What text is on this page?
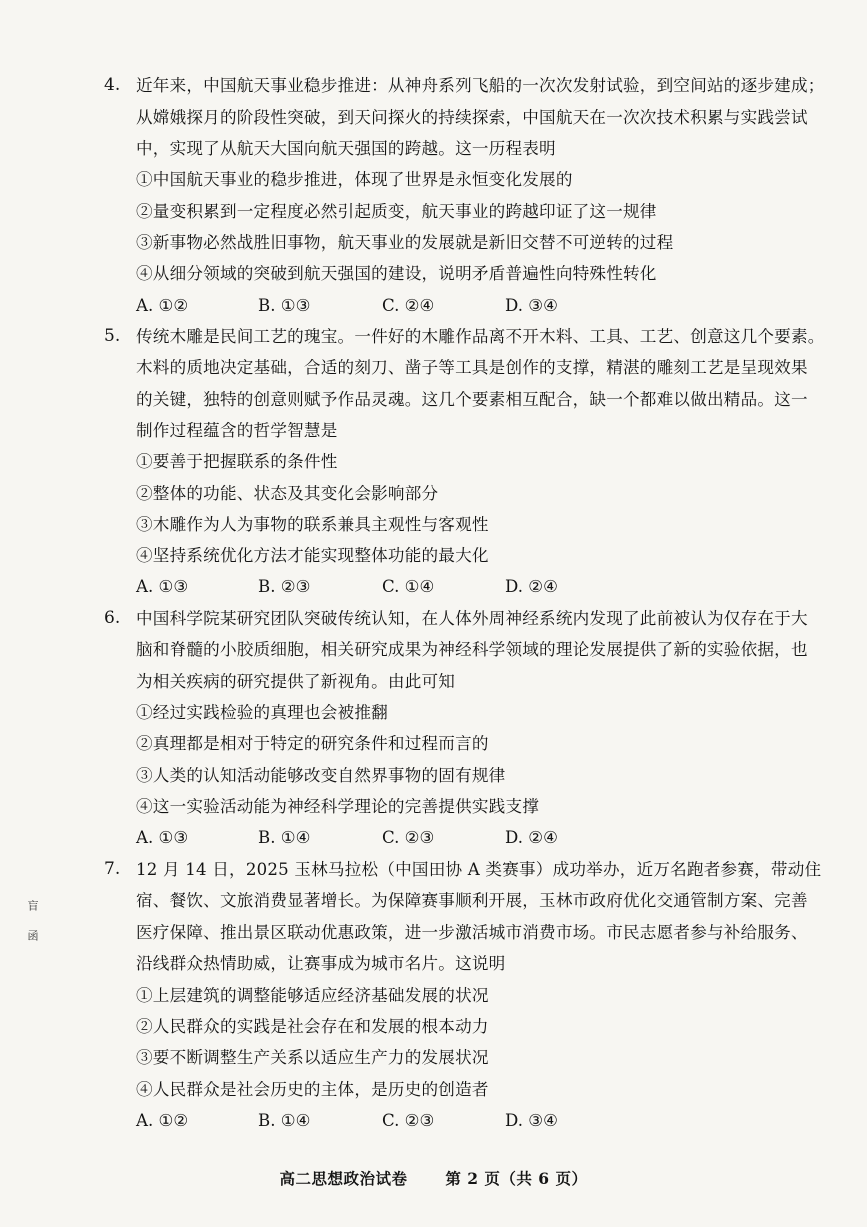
4. 近年来，中国航天事业稳步推进：从神舟系列飞船的一次次发射试验，到空间站的逐步建成；
从嫦娥探月的阶段性突破，到天问探火的持续探索，中国航天在一次次技术积累与实践尝试
中，实现了从航天大国向航天强国的跨越。这一历程表明
①中国航天事业的稳步推进，体现了世界是永恒变化发展的
②量变积累到一定程度必然引起质变，航天事业的跨越印证了这一规律
③新事物必然战胜旧事物，航天事业的发展就是新旧交替不可逆转的过程
④从细分领域的突破到航天强国的建设，说明矛盾普遍性向特殊性转化
A. ①②	B. ①③	C. ②④	D. ③④
5. 传统木雕是民间工艺的瑰宝。一件好的木雕作品离不开木料、工具、工艺、创意这几个要素。
木料的质地决定基础，合适的刻刀、凿子等工具是创作的支撑，精湛的雕刻工艺是呈现效果
的关键，独特的创意则赋予作品灵魂。这几个要素相互配合，缺一个都难以做出精品。这一
制作过程蕴含的哲学智慧是
①要善于把握联系的条件性
②整体的功能、状态及其变化会影响部分
③木雕作为人为事物的联系兼具主观性与客观性
④坚持系统优化方法才能实现整体功能的最大化
A. ①③	B. ②③	C. ①④	D. ②④
6. 中国科学院某研究团队突破传统认知，在人体外周神经系统内发现了此前被认为仅存在于大
脑和脊髓的小胶质细胞，相关研究成果为神经科学领域的理论发展提供了新的实验依据，也
为相关疾病的研究提供了新视角。由此可知
①经过实践检验的真理也会被推翻
②真理都是相对于特定的研究条件和过程而言的
③人类的认知活动能够改变自然界事物的固有规律
④这一实验活动能为神经科学理论的完善提供实践支撑
A. ①③	B. ①④	C. ②③	D. ②④
7. 12 月 14 日，2025 玉林马拉松（中国田协 A 类赛事）成功举办，近万名跑者参赛，带动住
宿、餐饮、文旅消费显著增长。为保障赛事顺利开展，玉林市政府优化交通管制方案、完善
医疗保障、推出景区联动优惠政策，进一步激活城市消费市场。市民志愿者参与补给服务、
沿线群众热情助威，让赛事成为城市名片。这说明
①上层建筑的调整能够适应经济基础发展的状况
②人民群众的实践是社会存在和发展的根本动力
③要不断调整生产关系以适应生产力的发展状况
④人民群众是社会历史的主体，是历史的创造者
A. ①②	B. ①④	C. ②③	D. ③④
盲
函
高二思想政治试卷 第 2 页（共 6 页）
